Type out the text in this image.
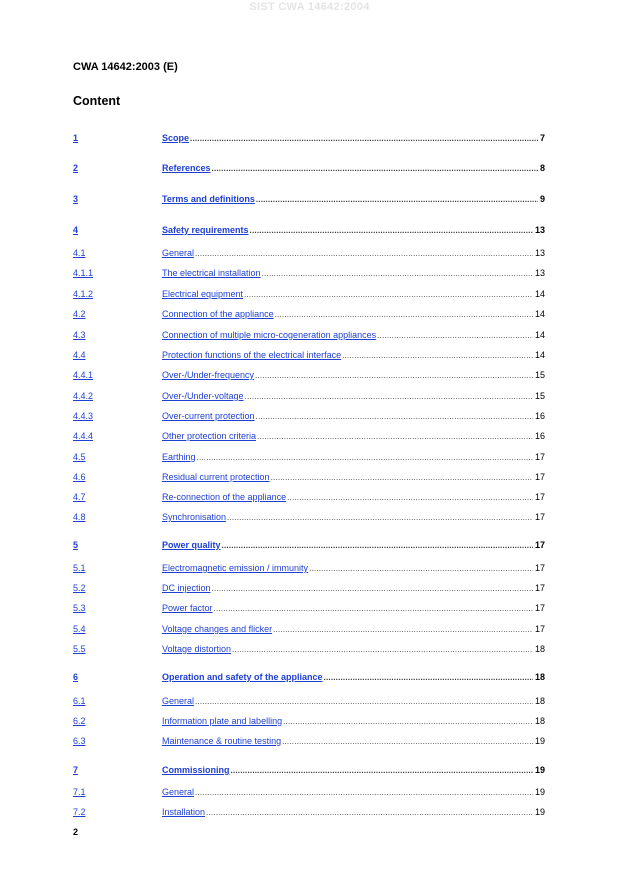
SIST CWA 14642:2004
CWA 14642:2003 (E)
Content
1	Scope .....	7
2	References .....	8
3	Terms and definitions .....	9
4	Safety requirements .....	13
4.1	General .....	13
4.1.1	The electrical installation .....	13
4.1.2	Electrical equipment .....	14
4.2	Connection of the appliance .....	14
4.3	Connection of multiple micro-cogeneration appliances .....	14
4.4	Protection functions of the electrical interface .....	14
4.4.1	Over-/Under-frequency .....	15
4.4.2	Over-/Under-voltage .....	15
4.4.3	Over-current protection .....	16
4.4.4	Other protection criteria .....	16
4.5	Earthing .....	17
4.6	Residual current protection .....	17
4.7	Re-connection of the appliance .....	17
4.8	Synchronisation .....	17
5	Power quality .....	17
5.1	Electromagnetic emission / immunity .....	17
5.2	DC injection .....	17
5.3	Power factor .....	17
5.4	Voltage changes and flicker .....	17
5.5	Voltage distortion .....	18
6	Operation and safety of the appliance .....	18
6.1	General .....	18
6.2	Information plate and labelling .....	18
6.3	Maintenance & routine testing .....	19
7	Commissioning .....	19
7.1	General .....	19
7.2	Installation .....	19
2
